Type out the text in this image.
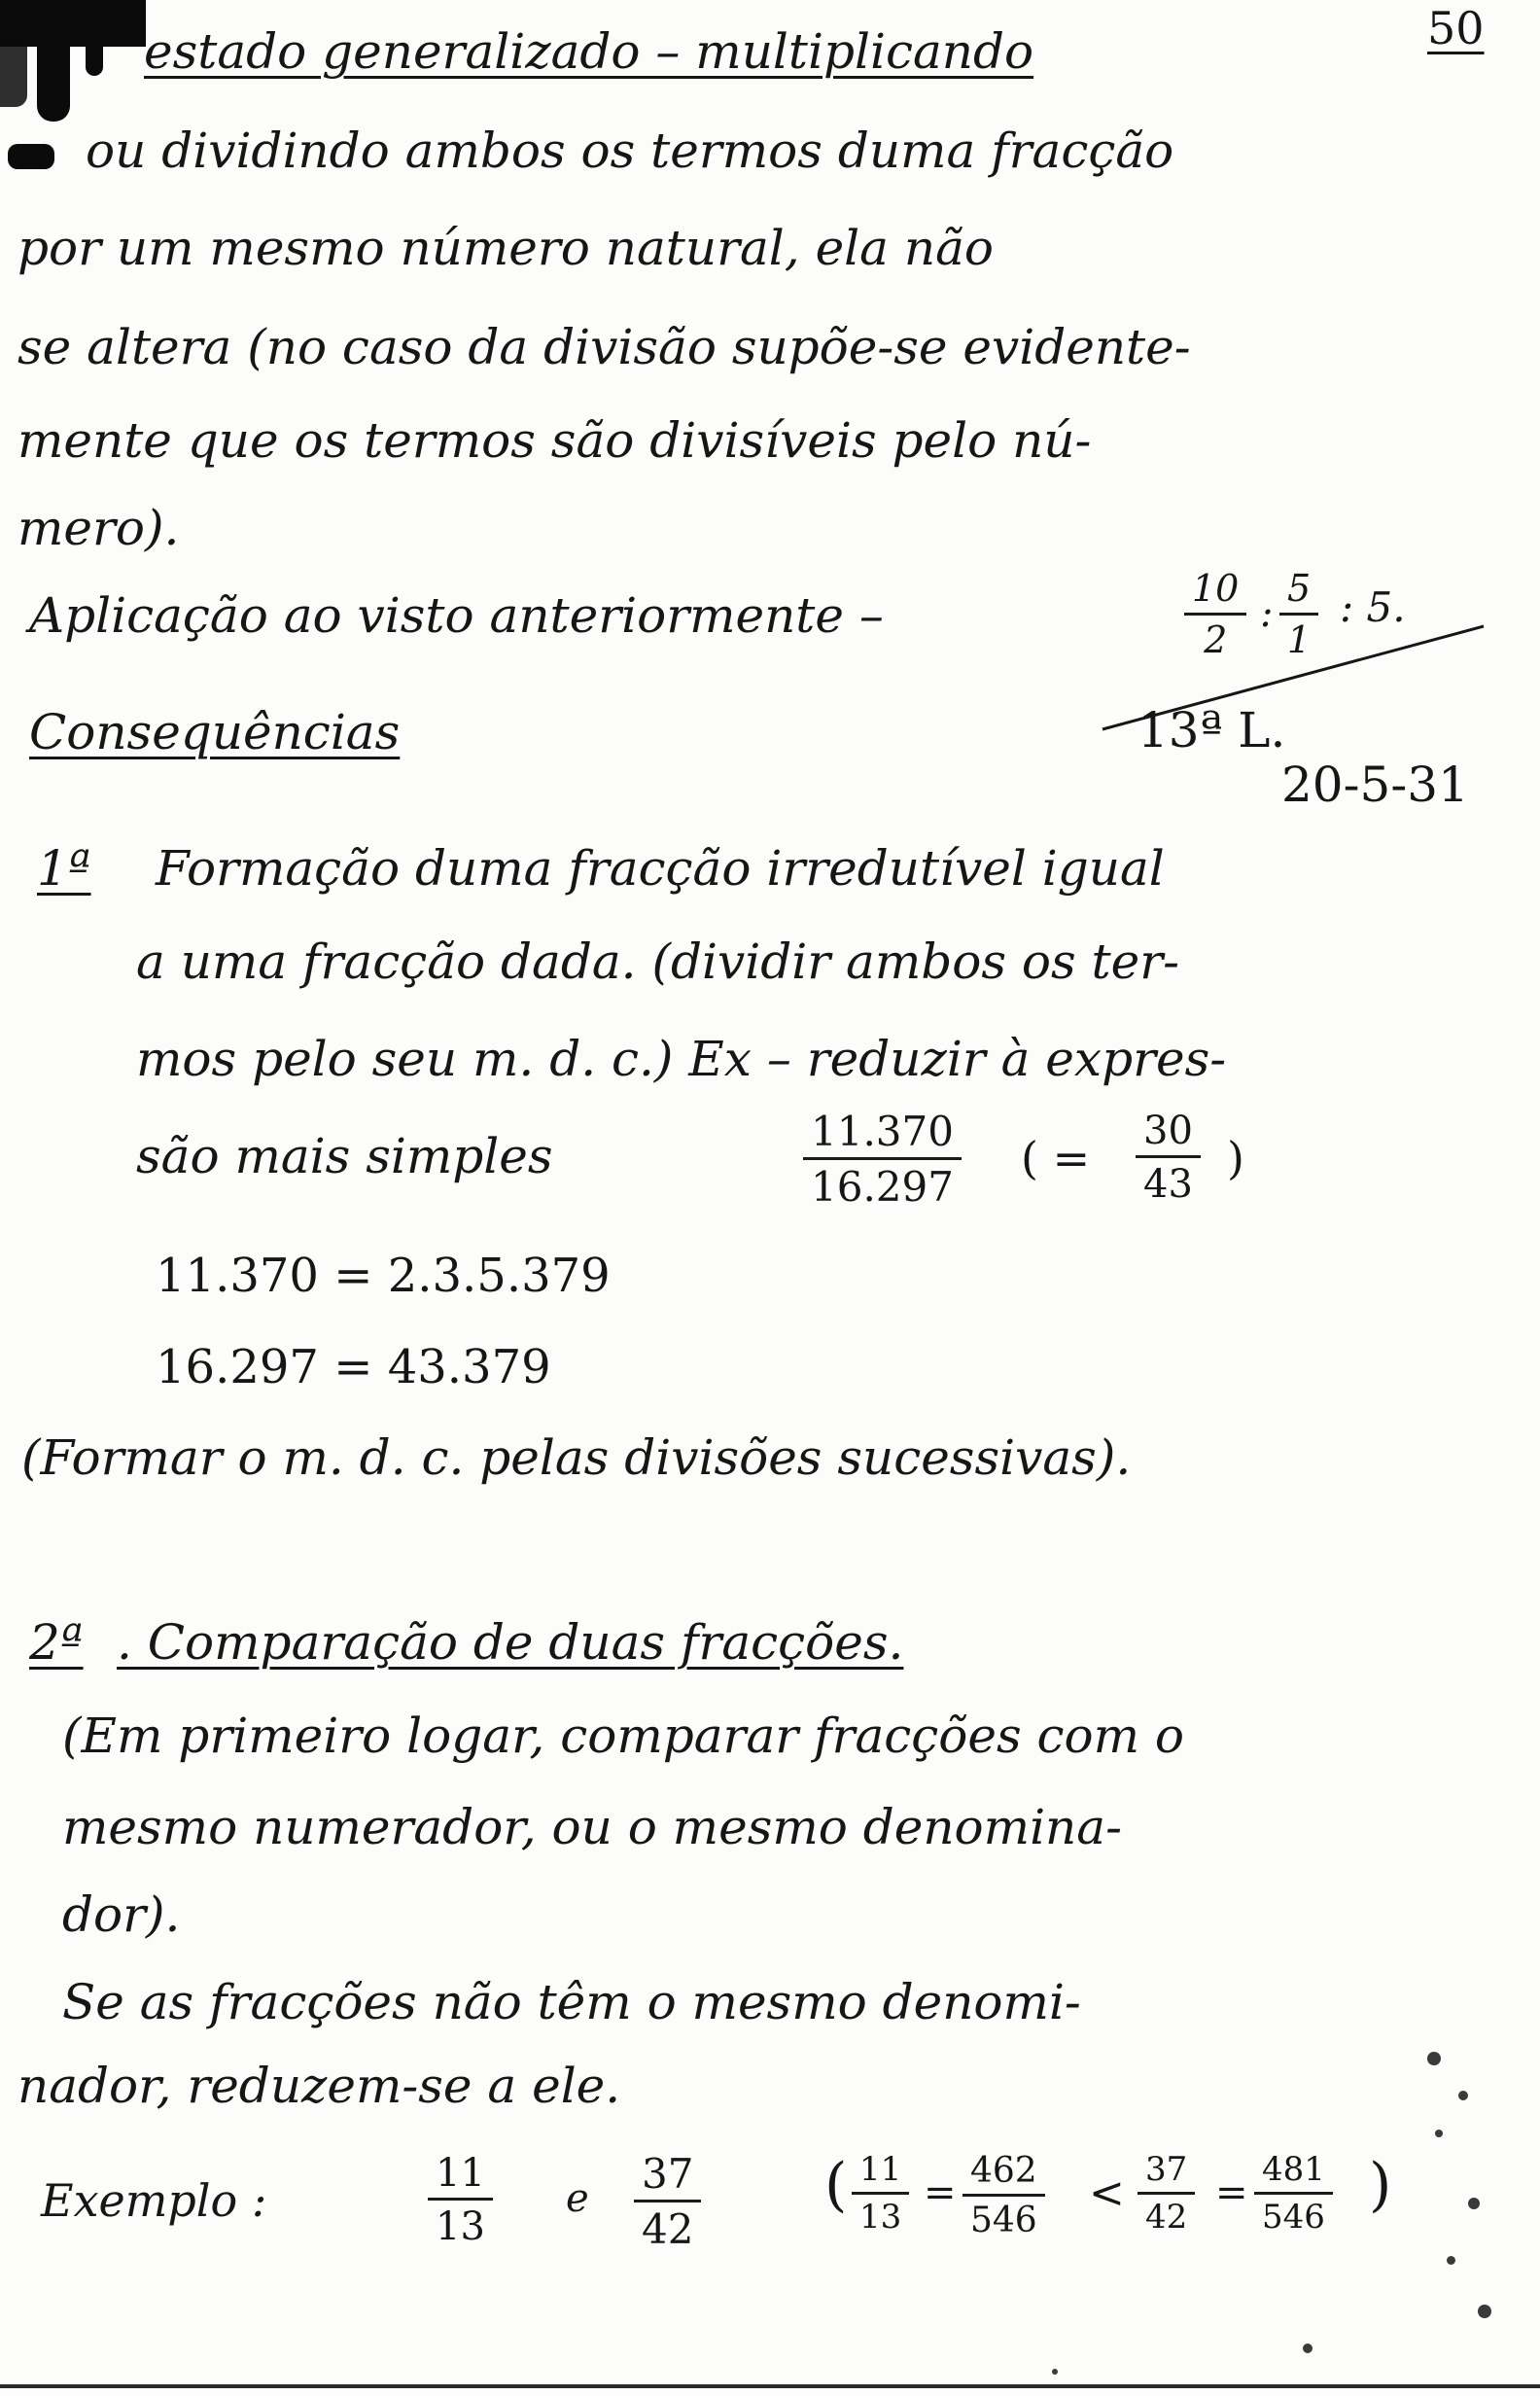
50
estado generalizado – multiplicando
ou dividindo ambos os termos duma fracção
por um mesmo número natural, ela não
se altera (no caso da divisão supõe-se evidente-
mente que os termos são divisíveis pelo nú-
mero).
Aplicação ao visto anteriormente –	$\frac{10}{2}$ : $\frac{5}{1}$ : 5.
13ª L.
20-5-31
Consequências
1ª Formação duma fracção irredutível igual
a uma fracção dada. (dividir ambos os ter-
mos pelo seu m. d. c.) Ex – reduzir à expres-
são mais simples	$\frac{11.370}{16.297}$ ( = $\frac{30}{43}$ )
11.370 = 2.3.5.379
16.297 = 43.379
(Formar o m. d. c. pelas divisões sucessivas).
2ª . Comparação de duas fracções.
(Em primeiro logar, comparar fracções com o
mesmo numerador, ou o mesmo denomina-
dor).
Se as fracções não têm o mesmo denomi-
nador, reduzem-se a ele.
Exemplo :	$\frac{11}{13}$ e $\frac{37}{42}$ ( $\frac{11}{13} = \frac{462}{546} < \frac{37}{42} = \frac{481}{546}$ )
